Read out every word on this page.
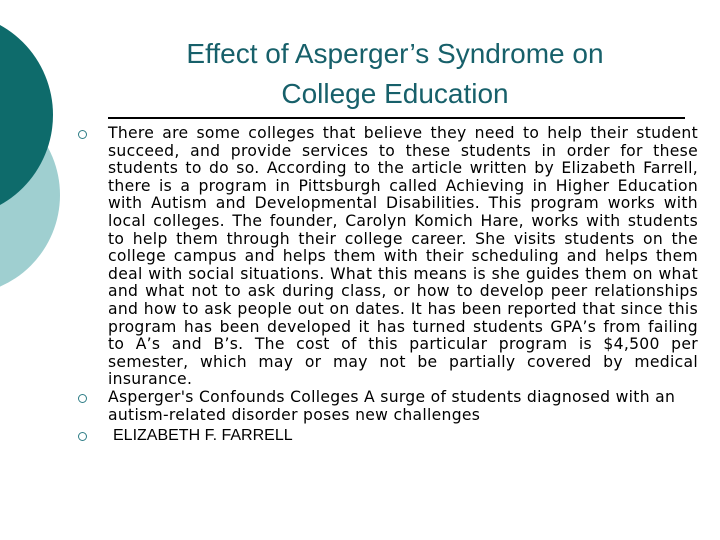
Effect of Asperger’s Syndrome on
College Education
There are some colleges that believe they need to help their student succeed, and provide services to these students in order for these students to do so. According to the article written by Elizabeth Farrell, there is a program in Pittsburgh called Achieving in Higher Education with Autism and Developmental Disabilities. This program works with local colleges. The founder, Carolyn Komich Hare, works with students to help them through their college career. She visits students on the college campus and helps them with their scheduling and helps them deal with social situations. What this means is she guides them on what and what not to ask during class, or how to develop peer relationships and how to ask people out on dates. It has been reported that since this program has been developed it has turned students GPA’s from failing to A’s and B’s. The cost of this particular program is $4,500 per semester, which may or may not be partially covered by medical insurance.
Asperger's Confounds Colleges A surge of students diagnosed with an autism-related disorder poses new challenges
ELIZABETH F. FARRELL
